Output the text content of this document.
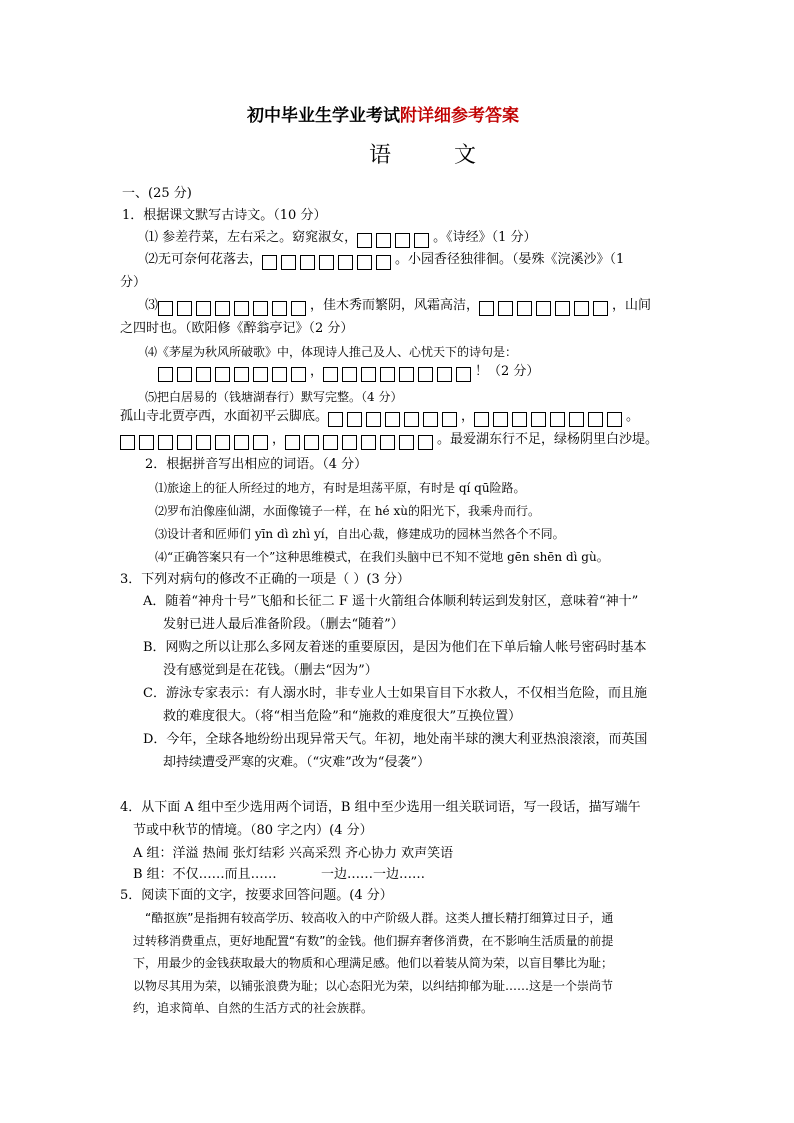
初中毕业生学业考试附详细参考答案
语 文
一、(25 分)
1．根据课文默写古诗文。（10 分）
⑴ 参差荇菜，左右采之。窈窕淑女，	。《诗经》（1 分）
⑵无可奈何花落去，	。小园香径独徘徊。（晏殊《浣溪沙》（1
分）
⑶	，佳木秀而繁阴，风霜高洁，	，山间
之四时也。（欧阳修《醉翁亭记》（2 分）
⑷《茅屋为秋风所破歌》中，体现诗人推己及人、心忧天下的诗句是：
，	！（2 分）
⑸把白居易的（钱塘湖春行）默写完整。（4 分）
孤山寺北贾亭西，水面初平云脚底。	，	。
，	。最爱湖东行不足，绿杨阴里白沙堤。
2．根据拼音写出相应的词语。（4 分）
⑴旅途上的征人所经过的地方，有时是坦荡平原，有时是 qí qū险路。
⑵罗布泊像座仙湖，水面像镜子一样，在 hé xù的阳光下，我乘舟而行。
⑶设计者和匠师们 yīn dì zhì yí，自出心裁，修建成功的园林当然各个不同。
⑷“正确答案只有一个”这种思维模式，在我们头脑中已不知不觉地 gēn shēn dì gù。
3．下列对病句的修改不正确的一项是（ ）(3 分）
A．随着“神舟十号”飞船和长征二 F 遥十火箭组合体顺利转运到发射区，意味着“神十”
发射已进人最后准备阶段。（删去“随着”）
B．网购之所以让那么多网友着迷的重要原因，是因为他们在下单后输人帐号密码时基本
没有感觉到是在花钱。（删去“因为”）
C．游泳专家表示：有人溺水时，非专业人士如果盲目下水救人，不仅相当危险，而且施
救的难度很大。（将“相当危险”和“施救的难度很大”互换位置）
D．今年，全球各地纷纷出现异常天气。年初，地处南半球的澳大利亚热浪滚滚，而英国
却持续遭受严寒的灾难。（“灾难”改为“侵袭”）
4．从下面 A 组中至少选用两个词语，B 组中至少选用一组关联词语，写一段话，描写端午
节或中秋节的情境。（80 字之内）(4 分）
A 组：洋溢 热闹 张灯结彩 兴高采烈 齐心协力 欢声笑语
B 组：不仅……而且……	一边……一边……
5．阅读下面的文字，按要求回答问题。(4 分）
“酷抠族”是指拥有较高学历、较高收入的中产阶级人群。这类人擅长精打细算过日子，通
过转移消费重点，更好地配置“有数”的金钱。他们摒弃奢侈消费，在不影响生活质量的前提
下，用最少的金钱获取最大的物质和心理满足感。他们以着装从简为荣，以盲目攀比为耻；
以物尽其用为荣，以铺张浪费为耻；以心态阳光为荣，以纠结抑郁为耻……这是一个崇尚节
约，追求简单、自然的生活方式的社会族群。
